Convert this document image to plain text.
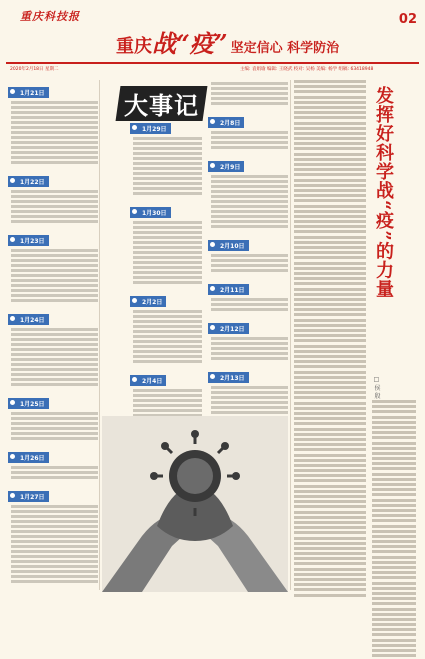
重庆科技报
重庆战“疫” 坚定信心 科学防治
02
2020年2月18日 星期二	主编: 袁娟瑜 编辑: 王晓武 校对: 吴杨 美编: 杨学 组稿: 63418948
1月21日
1月22日
1月23日
1月24日
1月25日
1月26日
1月27日
大事记
1月29日
1月30日
2月2日
2月4日
2月8日
2月9日
2月10日
2月11日
2月12日
2月13日
发挥好科学战“疫”的力量
□ 侯 殷
